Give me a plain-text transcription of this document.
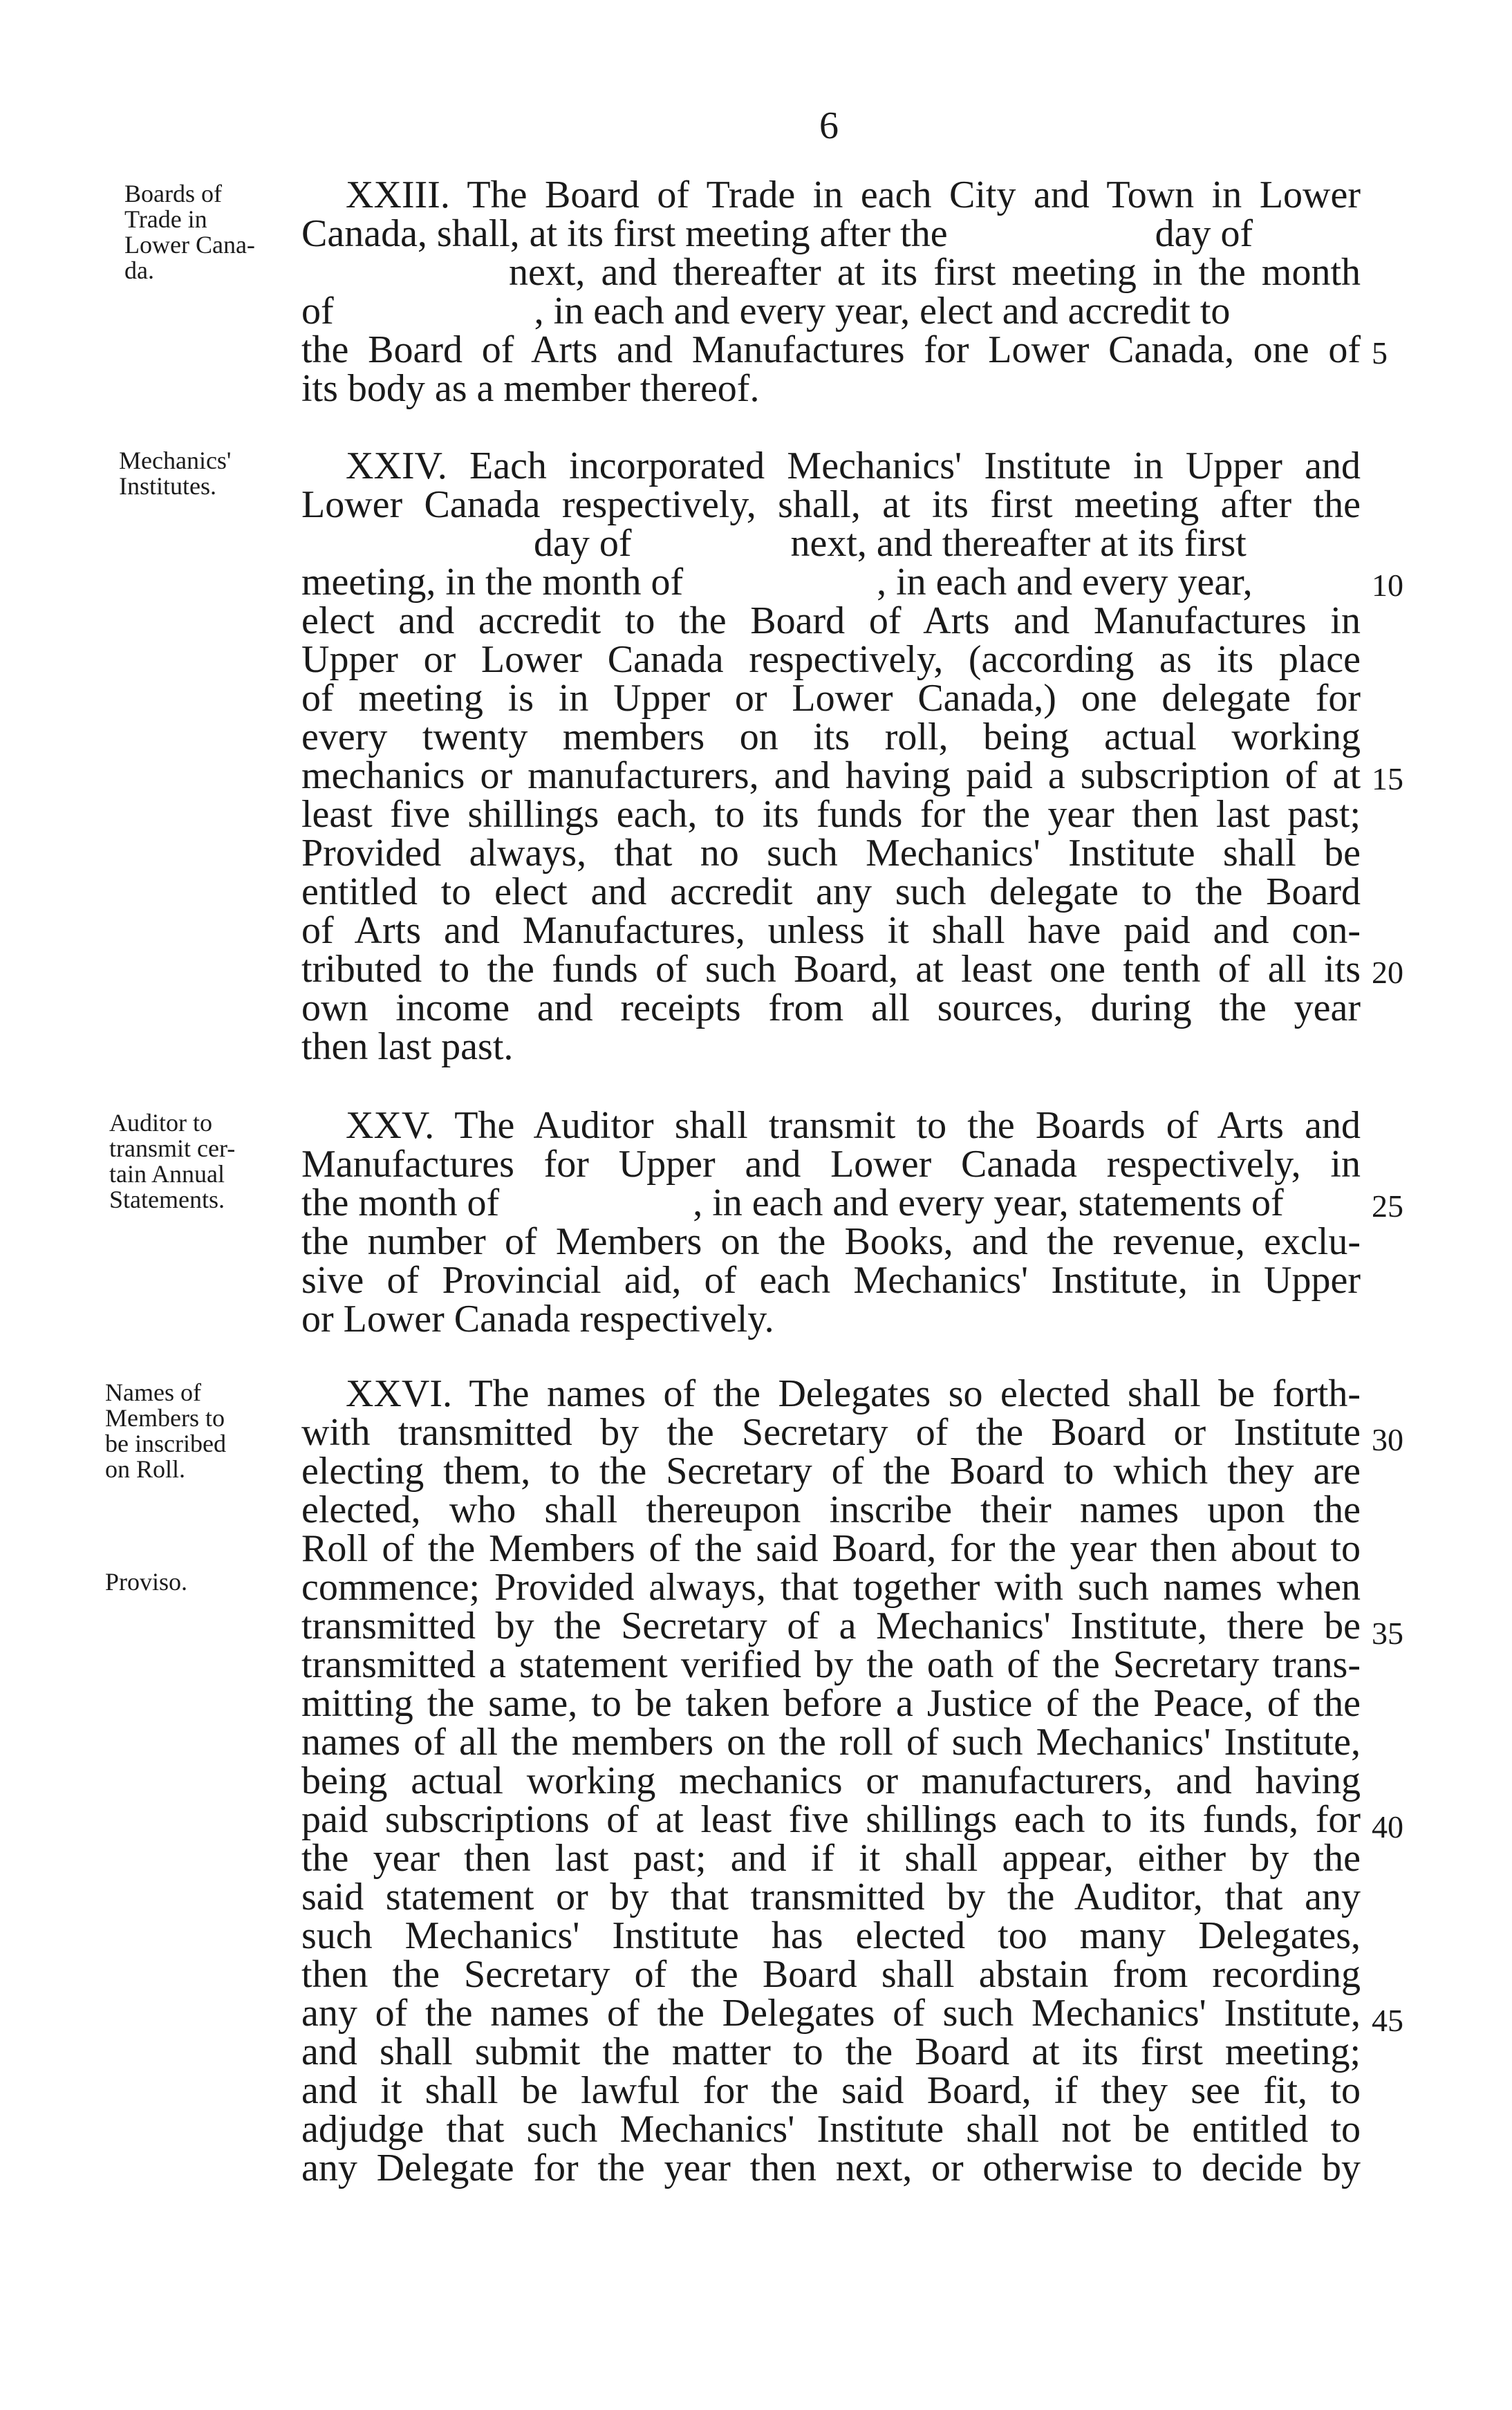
6
Boards of
Trade in
Lower Cana-
da.
Mechanics'
Institutes.
Auditor to
transmit cer-
tain Annual
Statements.
Names of
Members to
be inscribed
on Roll.
Proviso.
XXIII. The Board of Trade in each City and Town in Lower
Canada, shall, at its first meeting after the	day of
next, and thereafter at its first meeting in the month
of	, in each and every year, elect and accredit to
the Board of Arts and Manufactures for Lower Canada, one of
its body as a member thereof.
XXIV. Each incorporated Mechanics' Institute in Upper and
Lower Canada respectively, shall, at its first meeting after the
day of	next, and thereafter at its first
meeting, in the month of	, in each and every year,
elect and accredit to the Board of Arts and Manufactures in
Upper or Lower Canada respectively, (according as its place
of meeting is in Upper or Lower Canada,) one delegate for
every twenty members on its roll, being actual working
mechanics or manufacturers, and having paid a subscription of at
least five shillings each, to its funds for the year then last past;
Provided always, that no such Mechanics' Institute shall be
entitled to elect and accredit any such delegate to the Board
of Arts and Manufactures, unless it shall have paid and con-
tributed to the funds of such Board, at least one tenth of all its
own income and receipts from all sources, during the year
then last past.
XXV. The Auditor shall transmit to the Boards of Arts and
Manufactures for Upper and Lower Canada respectively, in
the month of	, in each and every year, statements of
the number of Members on the Books, and the revenue, exclu-
sive of Provincial aid, of each Mechanics' Institute, in Upper
or Lower Canada respectively.
XXVI. The names of the Delegates so elected shall be forth-
with transmitted by the Secretary of the Board or Institute
electing them, to the Secretary of the Board to which they are
elected, who shall thereupon inscribe their names upon the
Roll of the Members of the said Board, for the year then about to
commence; Provided always, that together with such names when
transmitted by the Secretary of a Mechanics' Institute, there be
transmitted a statement verified by the oath of the Secretary trans-
mitting the same, to be taken before a Justice of the Peace, of the
names of all the members on the roll of such Mechanics' Institute,
being actual working mechanics or manufacturers, and having
paid subscriptions of at least five shillings each to its funds, for
the year then last past; and if it shall appear, either by the
said statement or by that transmitted by the Auditor, that any
such Mechanics' Institute has elected too many Delegates,
then the Secretary of the Board shall abstain from recording
any of the names of the Delegates of such Mechanics' Institute,
and shall submit the matter to the Board at its first meeting;
and it shall be lawful for the said Board, if they see fit, to
adjudge that such Mechanics' Institute shall not be entitled to
any Delegate for the year then next, or otherwise to decide by
5
10
15
20
25
30
35
40
45
